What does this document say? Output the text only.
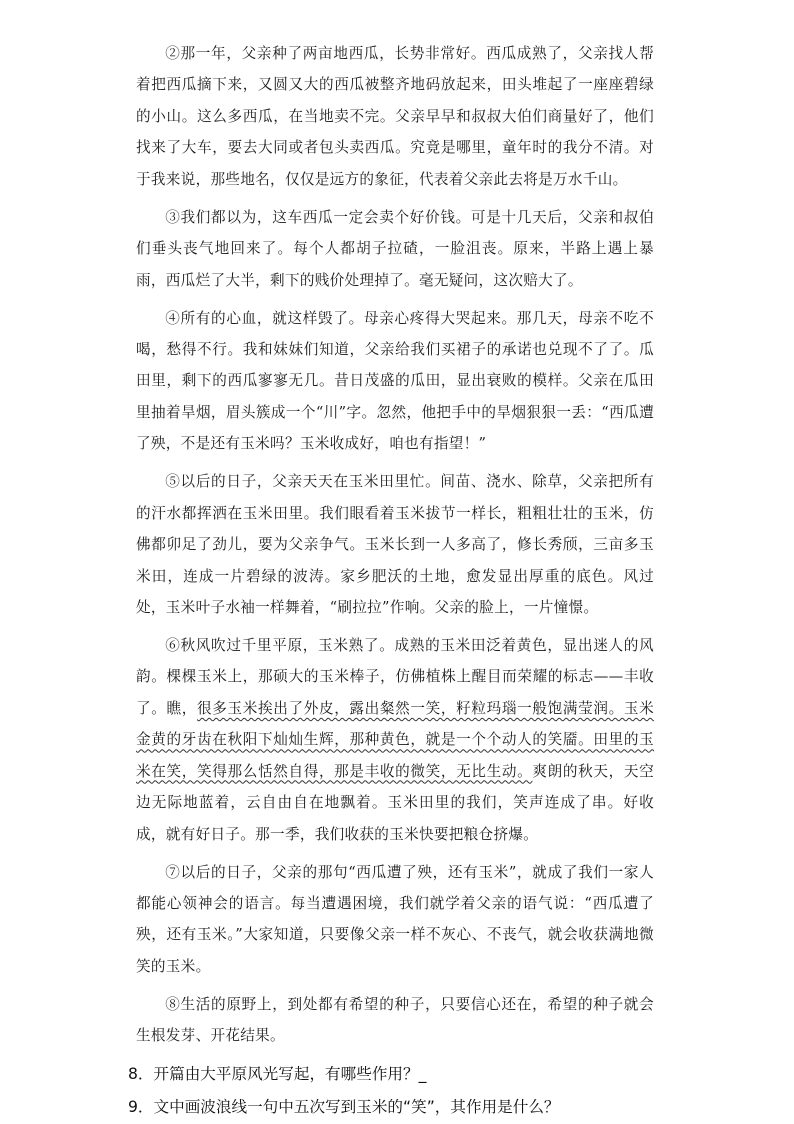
②那一年，父亲种了两亩地西瓜，长势非常好。西瓜成熟了，父亲找人帮着把西瓜摘下来，又圆又大的西瓜被整齐地码放起来，田头堆起了一座座碧绿的小山。这么多西瓜，在当地卖不完。父亲早早和叔叔大伯们商量好了，他们找来了大车，要去大同或者包头卖西瓜。究竟是哪里，童年时的我分不清。对于我来说，那些地名，仅仅是远方的象征，代表着父亲此去将是万水千山。

③我们都以为，这车西瓜一定会卖个好价钱。可是十几天后，父亲和叔伯们垂头丧气地回来了。每个人都胡子拉碴，一脸沮丧。原来，半路上遇上暴雨，西瓜烂了大半，剩下的贱价处理掉了。毫无疑问，这次赔大了。

④所有的心血，就这样毁了。母亲心疼得大哭起来。那几天，母亲不吃不喝，愁得不行。我和妹妹们知道，父亲给我们买裙子的承诺也兑现不了了。瓜田里，剩下的西瓜寥寥无几。昔日茂盛的瓜田，显出衰败的模样。父亲在瓜田里抽着旱烟，眉头簇成一个“川”字。忽然，他把手中的旱烟狠狠一丢：“西瓜遭了殃，不是还有玉米吗？玉米收成好，咱也有指望！”

⑤以后的日子，父亲天天在玉米田里忙。间苗、浇水、除草，父亲把所有的汗水都挥洒在玉米田里。我们眼看着玉米拔节一样长，粗粗壮壮的玉米，仿佛都卯足了劲儿，要为父亲争气。玉米长到一人多高了，修长秀颀，三亩多玉米田，连成一片碧绿的波涛。家乡肥沃的土地，愈发显出厚重的底色。风过处，玉米叶子水袖一样舞着，“刷拉拉”作响。父亲的脸上，一片憧憬。

⑥秋风吹过千里平原，玉米熟了。成熟的玉米田泛着黄色，显出迷人的风韵。棵棵玉米上，那硕大的玉米棒子，仿佛植株上醒目而荣耀的标志——丰收了。瞧，很多玉米挨出了外皮，露出粲然一笑，籽粒玛瑙一般饱满莹润。玉米金黄的牙齿在秋阳下灿灿生辉，那种黄色，就是一个个动人的笑靥。田里的玉米在笑，笑得那么恬然自得，那是丰收的微笑，无比生动。爽朗的秋天，天空边无际地蓝着，云自由自在地飘着。玉米田里的我们，笑声连成了串。好收成，就有好日子。那一季，我们收获的玉米快要把粮仓挤爆。

⑦以后的日子，父亲的那句“西瓜遭了殃，还有玉米”，就成了我们一家人都能心领神会的语言。每当遭遇困境，我们就学着父亲的语气说：“西瓜遭了殃，还有玉米。”大家知道，只要像父亲一样不灰心、不丧气，就会收获满地微笑的玉米。

⑧生活的原野上，到处都有希望的种子，只要信心还在，希望的种子就会生根发芽、开花结果。

8．开篇由大平原风光写起，有哪些作用？_

9．文中画波浪线一句中五次写到玉米的“笑”，其作用是什么？
